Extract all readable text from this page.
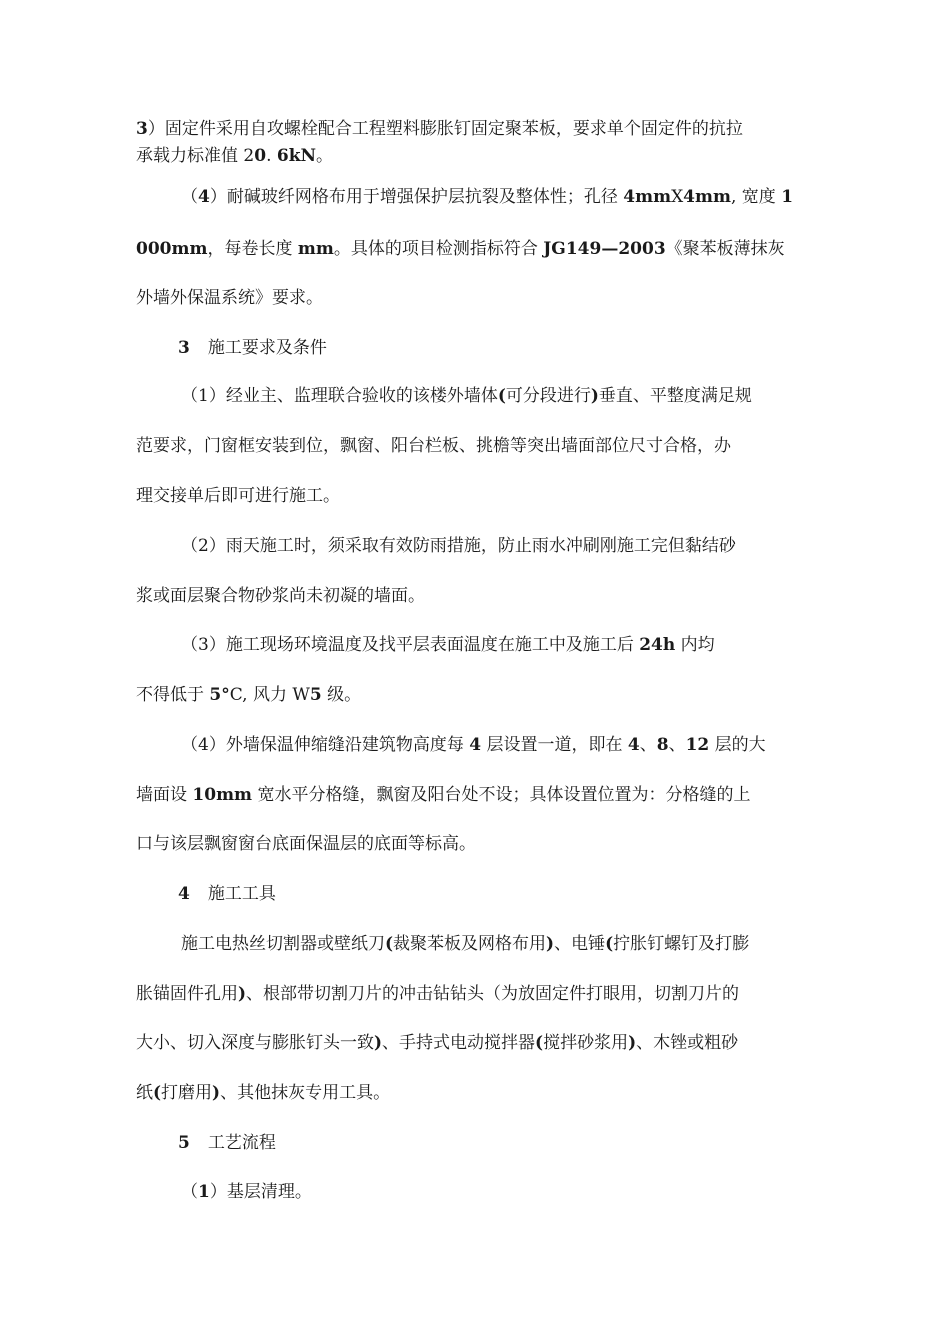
3）固定件采用自攻螺栓配合工程塑料膨胀钉固定聚苯板，要求单个固定件的抗拉
承载力标准值 20. 6kN。
（4）耐碱玻纤网格布用于增强保护层抗裂及整体性；孔径 4mmX4mm, 宽度 1
000mm，每卷长度 mm。具体的项目检测指标符合 JG149—2003《聚苯板薄抹灰
外墙外保温系统》要求。
3 施工要求及条件
（1）经业主、监理联合验收的该楼外墙体(可分段进行)垂直、平整度满足规
范要求，门窗框安装到位，飘窗、阳台栏板、挑檐等突出墙面部位尺寸合格，办
理交接单后即可进行施工。
（2）雨天施工时，须采取有效防雨措施，防止雨水冲刷刚施工完但黏结砂
浆或面层聚合物砂浆尚未初凝的墙面。
（3）施工现场环境温度及找平层表面温度在施工中及施工后 24h 内均
不得低于 5°C, 风力 W5 级。
（4）外墙保温伸缩缝沿建筑物高度每 4 层设置一道，即在 4、8、12 层的大
墙面设 10mm 宽水平分格缝，飘窗及阳台处不设；具体设置位置为：分格缝的上
口与该层飘窗窗台底面保温层的底面等标高。
4 施工工具
施工电热丝切割器或壁纸刀(裁聚苯板及网格布用)、电锤(拧胀钉螺钉及打膨
胀锚固件孔用)、根部带切割刀片的冲击钻钻头（为放固定件打眼用，切割刀片的
大小、切入深度与膨胀钉头一致)、手持式电动搅拌器(搅拌砂浆用)、木锉或粗砂
纸(打磨用)、其他抹灰专用工具。
5 工艺流程
（1）基层清理。
